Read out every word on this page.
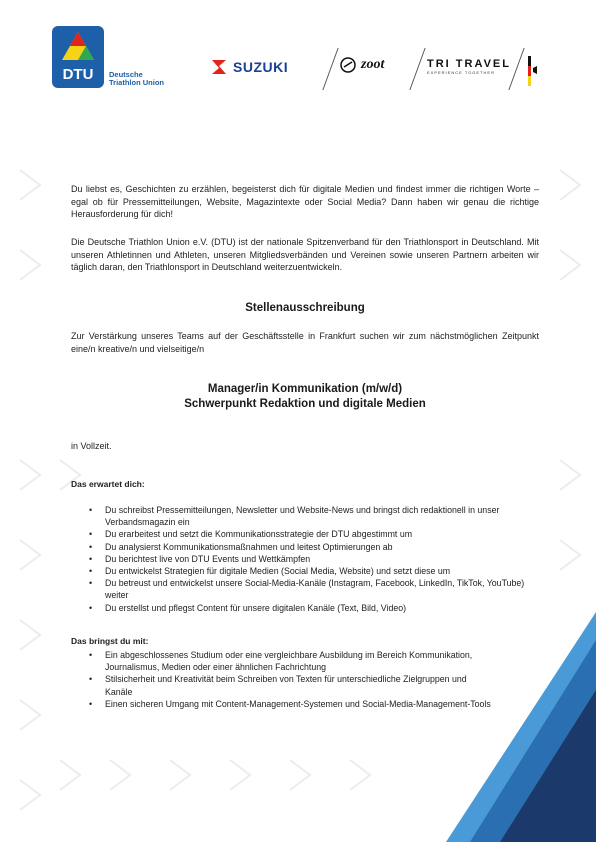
DTU Deutsche
Triathlon Union
SUZUKI	zoot	TRI TRAVEL
EXPERIENCE TOGETHER
Du liebst es, Geschichten zu erzählen, begeisterst dich für digitale Medien und findest immer die richtigen Worte – egal ob für Pressemitteilungen, Website, Magazintexte oder Social Media? Dann haben wir genau die richtige Herausforderung für dich!
Die Deutsche Triathlon Union e.V. (DTU) ist der nationale Spitzenverband für den Triathlonsport in Deutschland. Mit unseren Athletinnen und Athleten, unseren Mitgliedsverbänden und Vereinen sowie unseren Partnern arbeiten wir täglich daran, den Triathlonsport in Deutschland weiterzuentwickeln.
Stellenausschreibung
Zur Verstärkung unseres Teams auf der Geschäftsstelle in Frankfurt suchen wir zum nächstmöglichen Zeitpunkt eine/n kreative/n und vielseitige/n
Manager/in Kommunikation (m/w/d)
Schwerpunkt Redaktion und digitale Medien
in Vollzeit.
Das erwartet dich:
• Du schreibst Pressemitteilungen, Newsletter und Website-News und bringst dich redaktionell in unser Verbandsmagazin ein
• Du erarbeitest und setzt die Kommunikationsstrategie der DTU abgestimmt um
• Du analysierst Kommunikationsmaßnahmen und leitest Optimierungen ab
• Du berichtest live von DTU Events und Wettkämpfen
• Du entwickelst Strategien für digitale Medien (Social Media, Website) und setzt diese um
• Du betreust und entwickelst unsere Social-Media-Kanäle (Instagram, Facebook, LinkedIn, TikTok, YouTube) weiter
• Du erstellst und pflegst Content für unsere digitalen Kanäle (Text, Bild, Video)
Das bringst du mit:
• Ein abgeschlossenes Studium oder eine vergleichbare Ausbildung im Bereich Kommunikation, Journalismus, Medien oder einer ähnlichen Fachrichtung
• Stilsicherheit und Kreativität beim Schreiben von Texten für unterschiedliche Zielgruppen und Kanäle
• Einen sicheren Umgang mit Content-Management-Systemen und Social-Media-Management-Tools
